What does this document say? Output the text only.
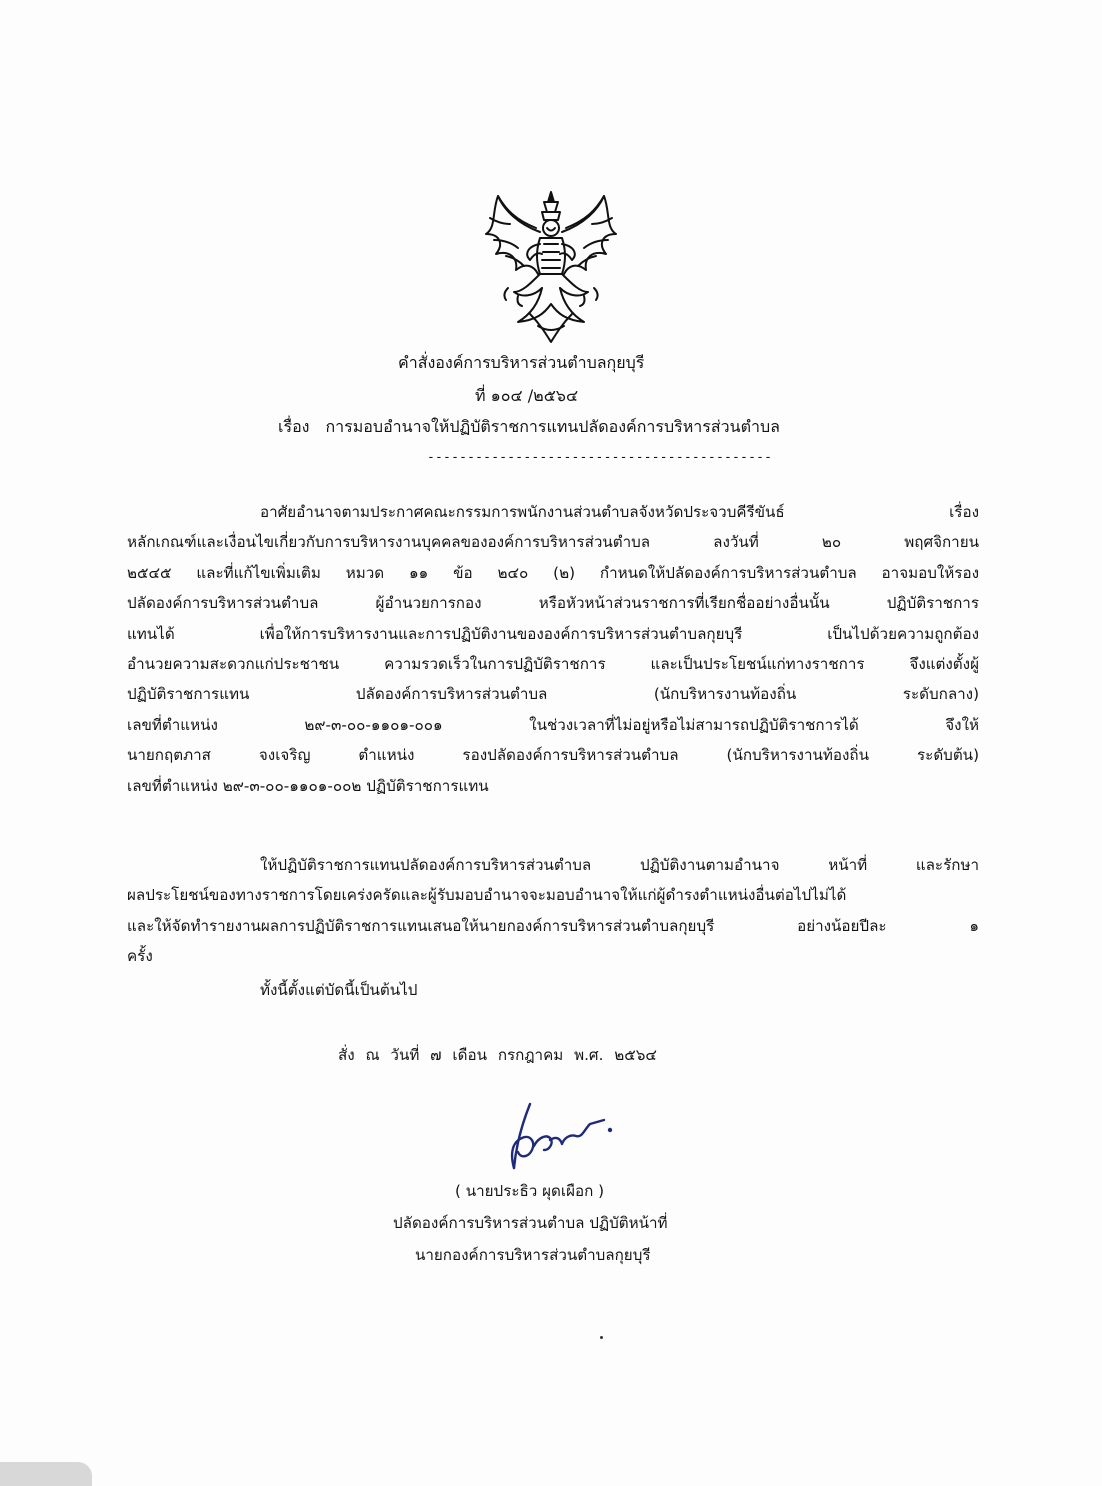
คำสั่งองค์การบริหารส่วนตำบลกุยบุรี
ที่ ๑๐๔ /๒๕๖๔
เรื่อง การมอบอำนาจให้ปฏิบัติราชการแทนปลัดองค์การบริหารส่วนตำบล
-------------------------------------------
อาศัยอำนาจตามประกาศคณะกรรมการพนักงานส่วนตำบลจังหวัดประจวบคีรีขันธ์ เรื่อง
หลักเกณฑ์และเงื่อนไขเกี่ยวกับการบริหารงานบุคคลขององค์การบริหารส่วนตำบล ลงวันที่ ๒๐ พฤศจิกายน
๒๕๔๕ และที่แก้ไขเพิ่มเติม หมวด ๑๑ ข้อ ๒๔๐ (๒) กำหนดให้ปลัดองค์การบริหารส่วนตำบล อาจมอบให้รอง
ปลัดองค์การบริหารส่วนตำบล ผู้อำนวยการกอง หรือหัวหน้าส่วนราชการที่เรียกชื่ออย่างอื่นนั้น ปฏิบัติราชการ
แทนได้ เพื่อให้การบริหารงานและการปฏิบัติงานขององค์การบริหารส่วนตำบลกุยบุรี เป็นไปด้วยความถูกต้อง
อำนวยความสะดวกแก่ประชาชน ความรวดเร็วในการปฏิบัติราชการ และเป็นประโยชน์แก่ทางราชการ จึงแต่งตั้งผู้
ปฏิบัติราชการแทน ปลัดองค์การบริหารส่วนตำบล (นักบริหารงานท้องถิ่น ระดับกลาง)
เลขที่ตำแหน่ง ๒๙-๓-๐๐-๑๑๐๑-๐๐๑ ในช่วงเวลาที่ไม่อยู่หรือไม่สามารถปฏิบัติราชการได้ จึงให้
นายกฤตภาส จงเจริญ ตำแหน่ง รองปลัดองค์การบริหารส่วนตำบล (นักบริหารงานท้องถิ่น ระดับต้น)
เลขที่ตำแหน่ง ๒๙-๓-๐๐-๑๑๐๑-๐๐๒ ปฏิบัติราชการแทน
ให้ปฏิบัติราชการแทนปลัดองค์การบริหารส่วนตำบล ปฏิบัติงานตามอำนาจ หน้าที่ และรักษา
ผลประโยชน์ของทางราชการโดยเคร่งครัดและผู้รับมอบอำนาจจะมอบอำนาจให้แก่ผู้ดำรงตำแหน่งอื่นต่อไปไม่ได้
และให้จัดทำรายงานผลการปฏิบัติราชการแทนเสนอให้นายกองค์การบริหารส่วนตำบลกุยบุรี อย่างน้อยปีละ ๑
ครั้ง
ทั้งนี้ตั้งแต่บัดนี้เป็นต้นไป
สั่ง ณ วันที่ ๗ เดือน กรกฎาคม พ.ศ. ๒๕๖๔
( นายประธิว ผุดเผือก )
ปลัดองค์การบริหารส่วนตำบล ปฏิบัติหน้าที่
นายกองค์การบริหารส่วนตำบลกุยบุรี
